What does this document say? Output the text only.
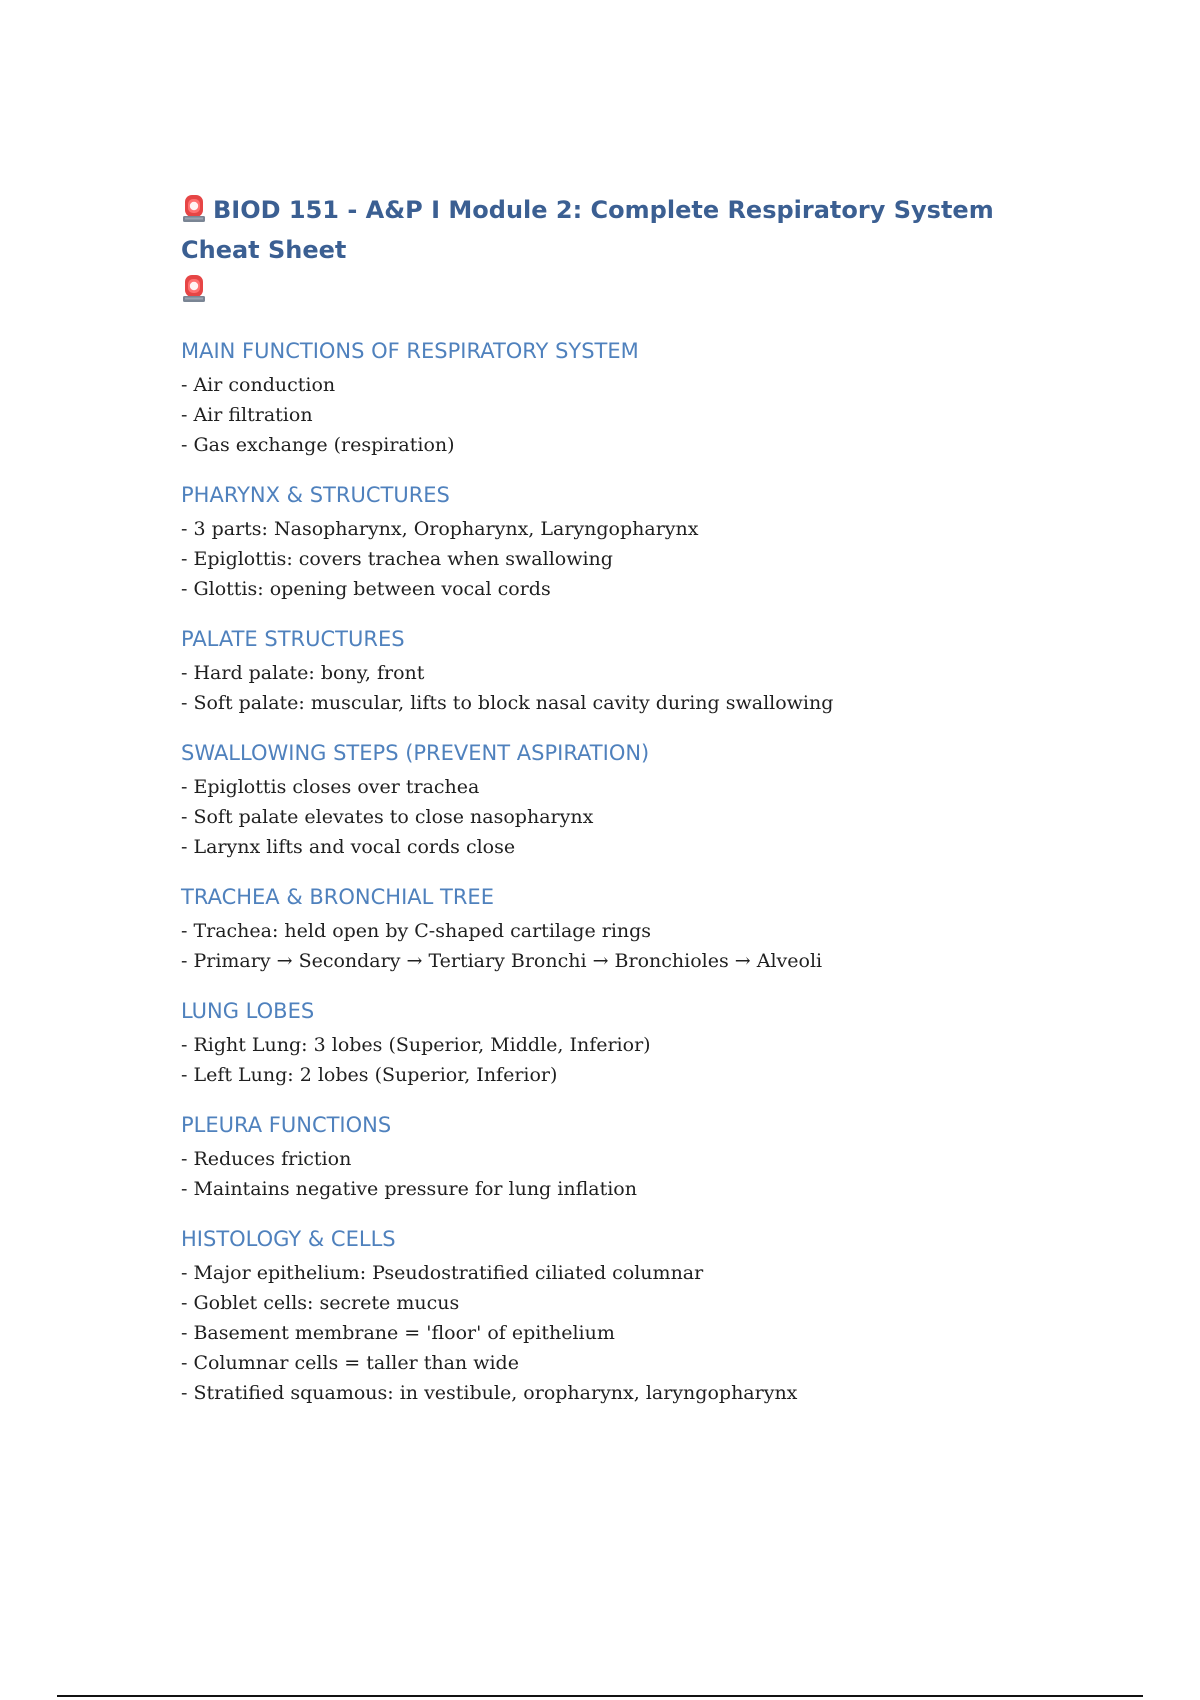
BIOD 151 - A&P I Module 2: Complete Respiratory System Cheat Sheet

MAIN FUNCTIONS OF RESPIRATORY SYSTEM
- Air conduction
- Air filtration
- Gas exchange (respiration)
PHARYNX & STRUCTURES
- 3 parts: Nasopharynx, Oropharynx, Laryngopharynx
- Epiglottis: covers trachea when swallowing
- Glottis: opening between vocal cords
PALATE STRUCTURES
- Hard palate: bony, front
- Soft palate: muscular, lifts to block nasal cavity during swallowing
SWALLOWING STEPS (PREVENT ASPIRATION)
- Epiglottis closes over trachea
- Soft palate elevates to close nasopharynx
- Larynx lifts and vocal cords close
TRACHEA & BRONCHIAL TREE
- Trachea: held open by C-shaped cartilage rings
- Primary → Secondary → Tertiary Bronchi → Bronchioles → Alveoli
LUNG LOBES
- Right Lung: 3 lobes (Superior, Middle, Inferior)
- Left Lung: 2 lobes (Superior, Inferior)
PLEURA FUNCTIONS
- Reduces friction
- Maintains negative pressure for lung inflation
HISTOLOGY & CELLS
- Major epithelium: Pseudostratified ciliated columnar
- Goblet cells: secrete mucus
- Basement membrane = 'floor' of epithelium
- Columnar cells = taller than wide
- Stratified squamous: in vestibule, oropharynx, laryngopharynx
